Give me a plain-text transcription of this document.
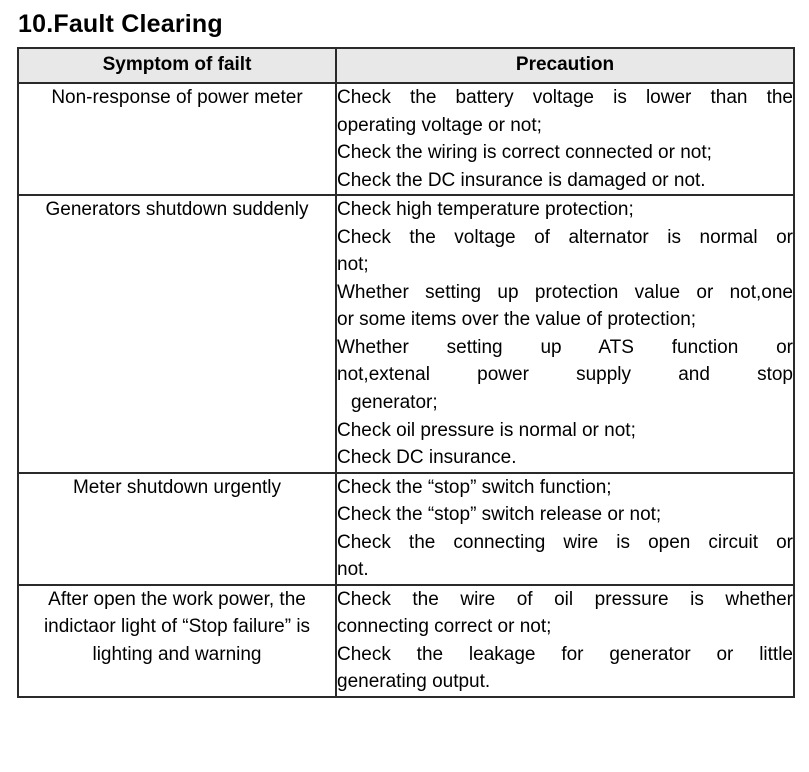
10.Fault Clearing
Symptom of failt	Precaution
Non-response of power meter	Check the battery voltage is lower than the
operating voltage or not;
Check the wiring is correct connected or not;
Check the DC insurance is damaged or not.

Generators shutdown suddenly	Check high temperature protection;
Check the voltage of alternator is normal or
not;
Whether setting up protection value or not,one
or some items over the value of protection;
Whether setting up ATS function or
not,extenal power supply and stop
generator;
Check oil pressure is normal or not;
Check DC insurance.

Meter shutdown urgently	Check the “stop” switch function;
Check the “stop” switch release or not;
Check the connecting wire is open circuit or
not.

After open the work power, the indictaor light of “Stop failure” is lighting and warning	Check the wire of oil pressure is whether
connecting correct or not;
Check the leakage for generator or little
generating output.
